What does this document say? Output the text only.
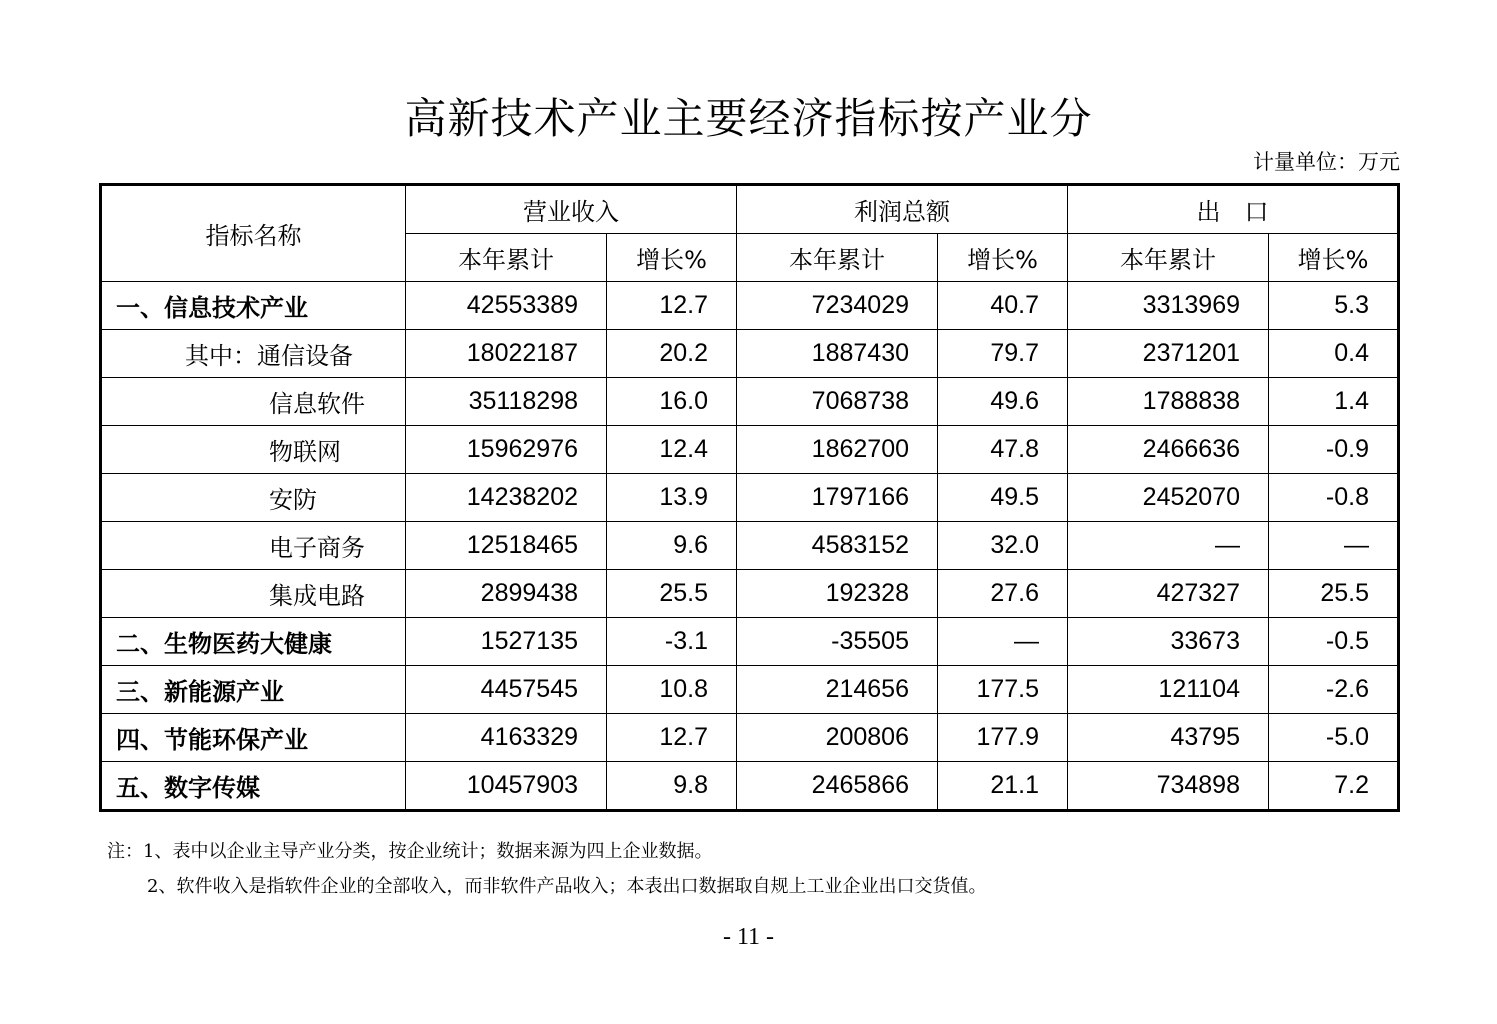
高新技术产业主要经济指标按产业分
计量单位：万元
指标名称	营业收入		利润总额		出　口	
	本年累计	增长%	本年累计	增长%	本年累计	增长%
一、信息技术产业	42553389	12.7	7234029	40.7	3313969	5.3
其中：通信设备	18022187	20.2	1887430	79.7	2371201	0.4
信息软件	35118298	16.0	7068738	49.6	1788838	1.4
物联网	15962976	12.4	1862700	47.8	2466636	-0.9
安防	14238202	13.9	1797166	49.5	2452070	-0.8
电子商务	12518465	9.6	4583152	32.0	—	—
集成电路	2899438	25.5	192328	27.6	427327	25.5
二、生物医药大健康	1527135	-3.1	-35505	—	33673	-0.5
三、新能源产业	4457545	10.8	214656	177.5	121104	-2.6
四、节能环保产业	4163329	12.7	200806	177.9	43795	-5.0
五、数字传媒	10457903	9.8	2465866	21.1	734898	7.2
注：1、表中以企业主导产业分类，按企业统计；数据来源为四上企业数据。
2、软件收入是指软件企业的全部收入，而非软件产品收入；本表出口数据取自规上工业企业出口交货值。
- 11 -
